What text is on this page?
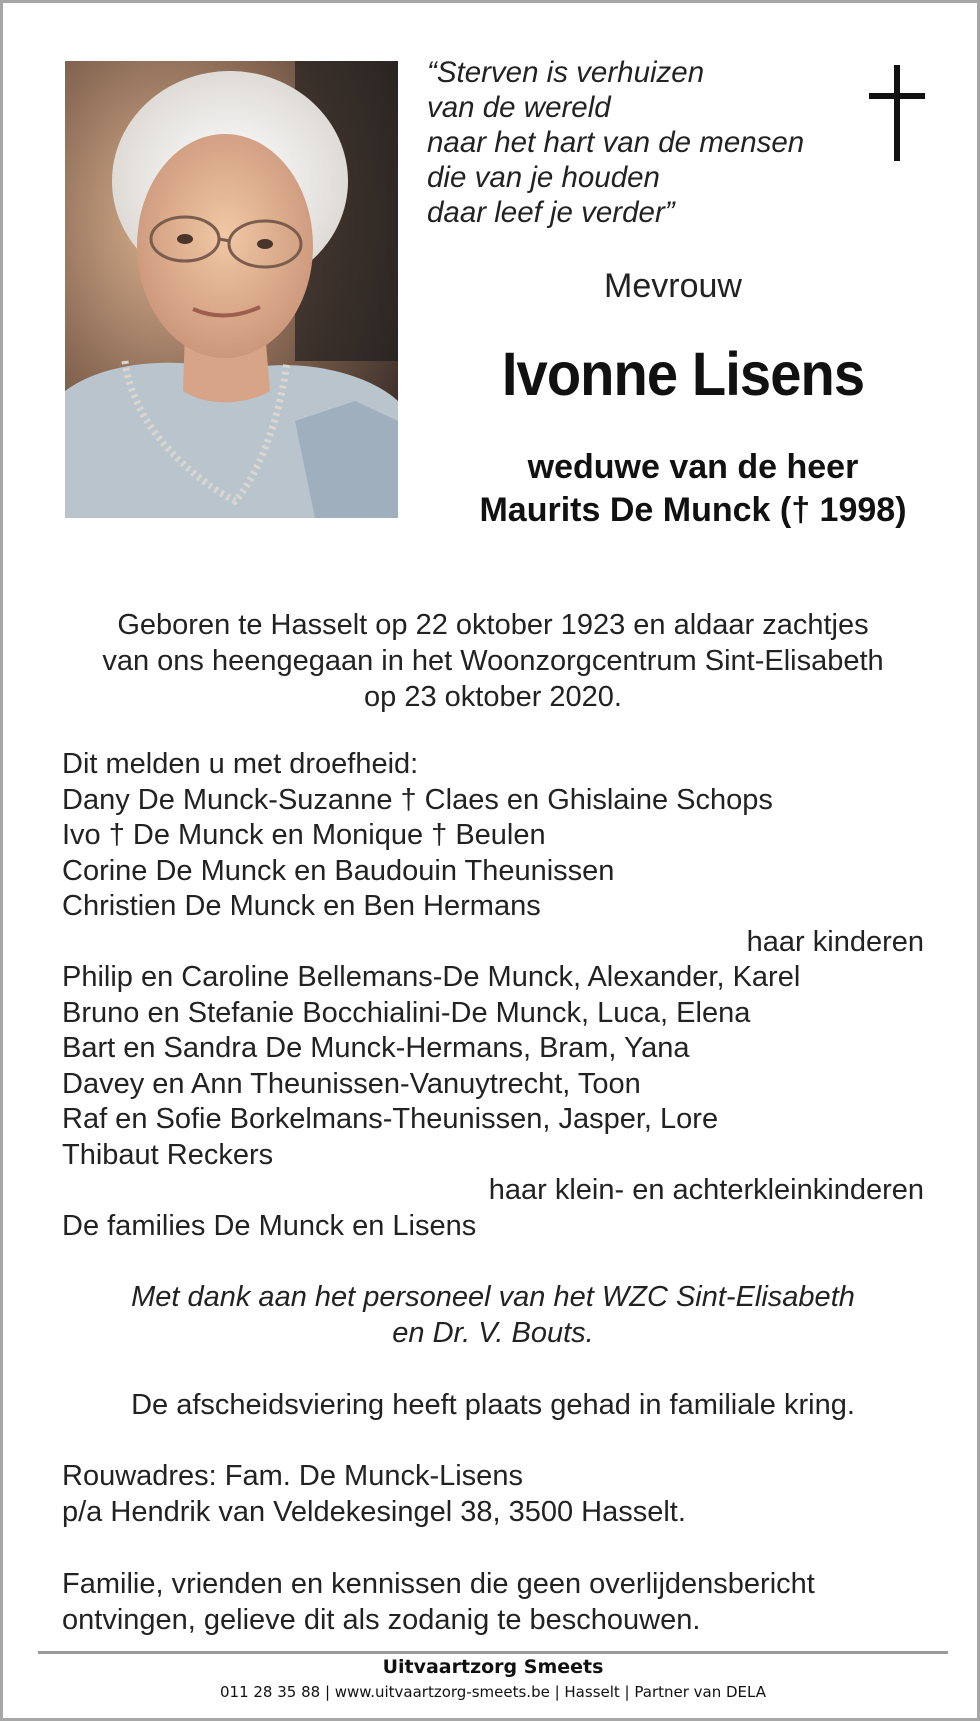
“Sterven is verhuizen
van de wereld
naar het hart van de mensen
die van je houden
daar leef je verder”
Mevrouw
Ivonne Lisens
weduwe van de heer
Maurits De Munck († 1998)
Geboren te Hasselt op 22 oktober 1923 en aldaar zachtjes
van ons heengegaan in het Woonzorgcentrum Sint-Elisabeth
op 23 oktober 2020.
Dit melden u met droefheid:
Dany De Munck-Suzanne † Claes en Ghislaine Schops
Ivo † De Munck en Monique † Beulen
Corine De Munck en Baudouin Theunissen
Christien De Munck en Ben Hermans
haar kinderen
Philip en Caroline Bellemans-De Munck, Alexander, Karel
Bruno en Stefanie Bocchialini-De Munck, Luca, Elena
Bart en Sandra De Munck-Hermans, Bram, Yana
Davey en Ann Theunissen-Vanuytrecht, Toon
Raf en Sofie Borkelmans-Theunissen, Jasper, Lore
Thibaut Reckers
haar klein- en achterkleinkinderen
De families De Munck en Lisens
Met dank aan het personeel van het WZC Sint-Elisabeth
en Dr. V. Bouts.
De afscheidsviering heeft plaats gehad in familiale kring.
Rouwadres: Fam. De Munck-Lisens
p/a Hendrik van Veldekesingel 38, 3500 Hasselt.
Familie, vrienden en kennissen die geen overlijdensbericht
ontvingen, gelieve dit als zodanig te beschouwen.
Uitvaartzorg Smeets
011 28 35 88 | www.uitvaartzorg-smeets.be | Hasselt | Partner van DELA
